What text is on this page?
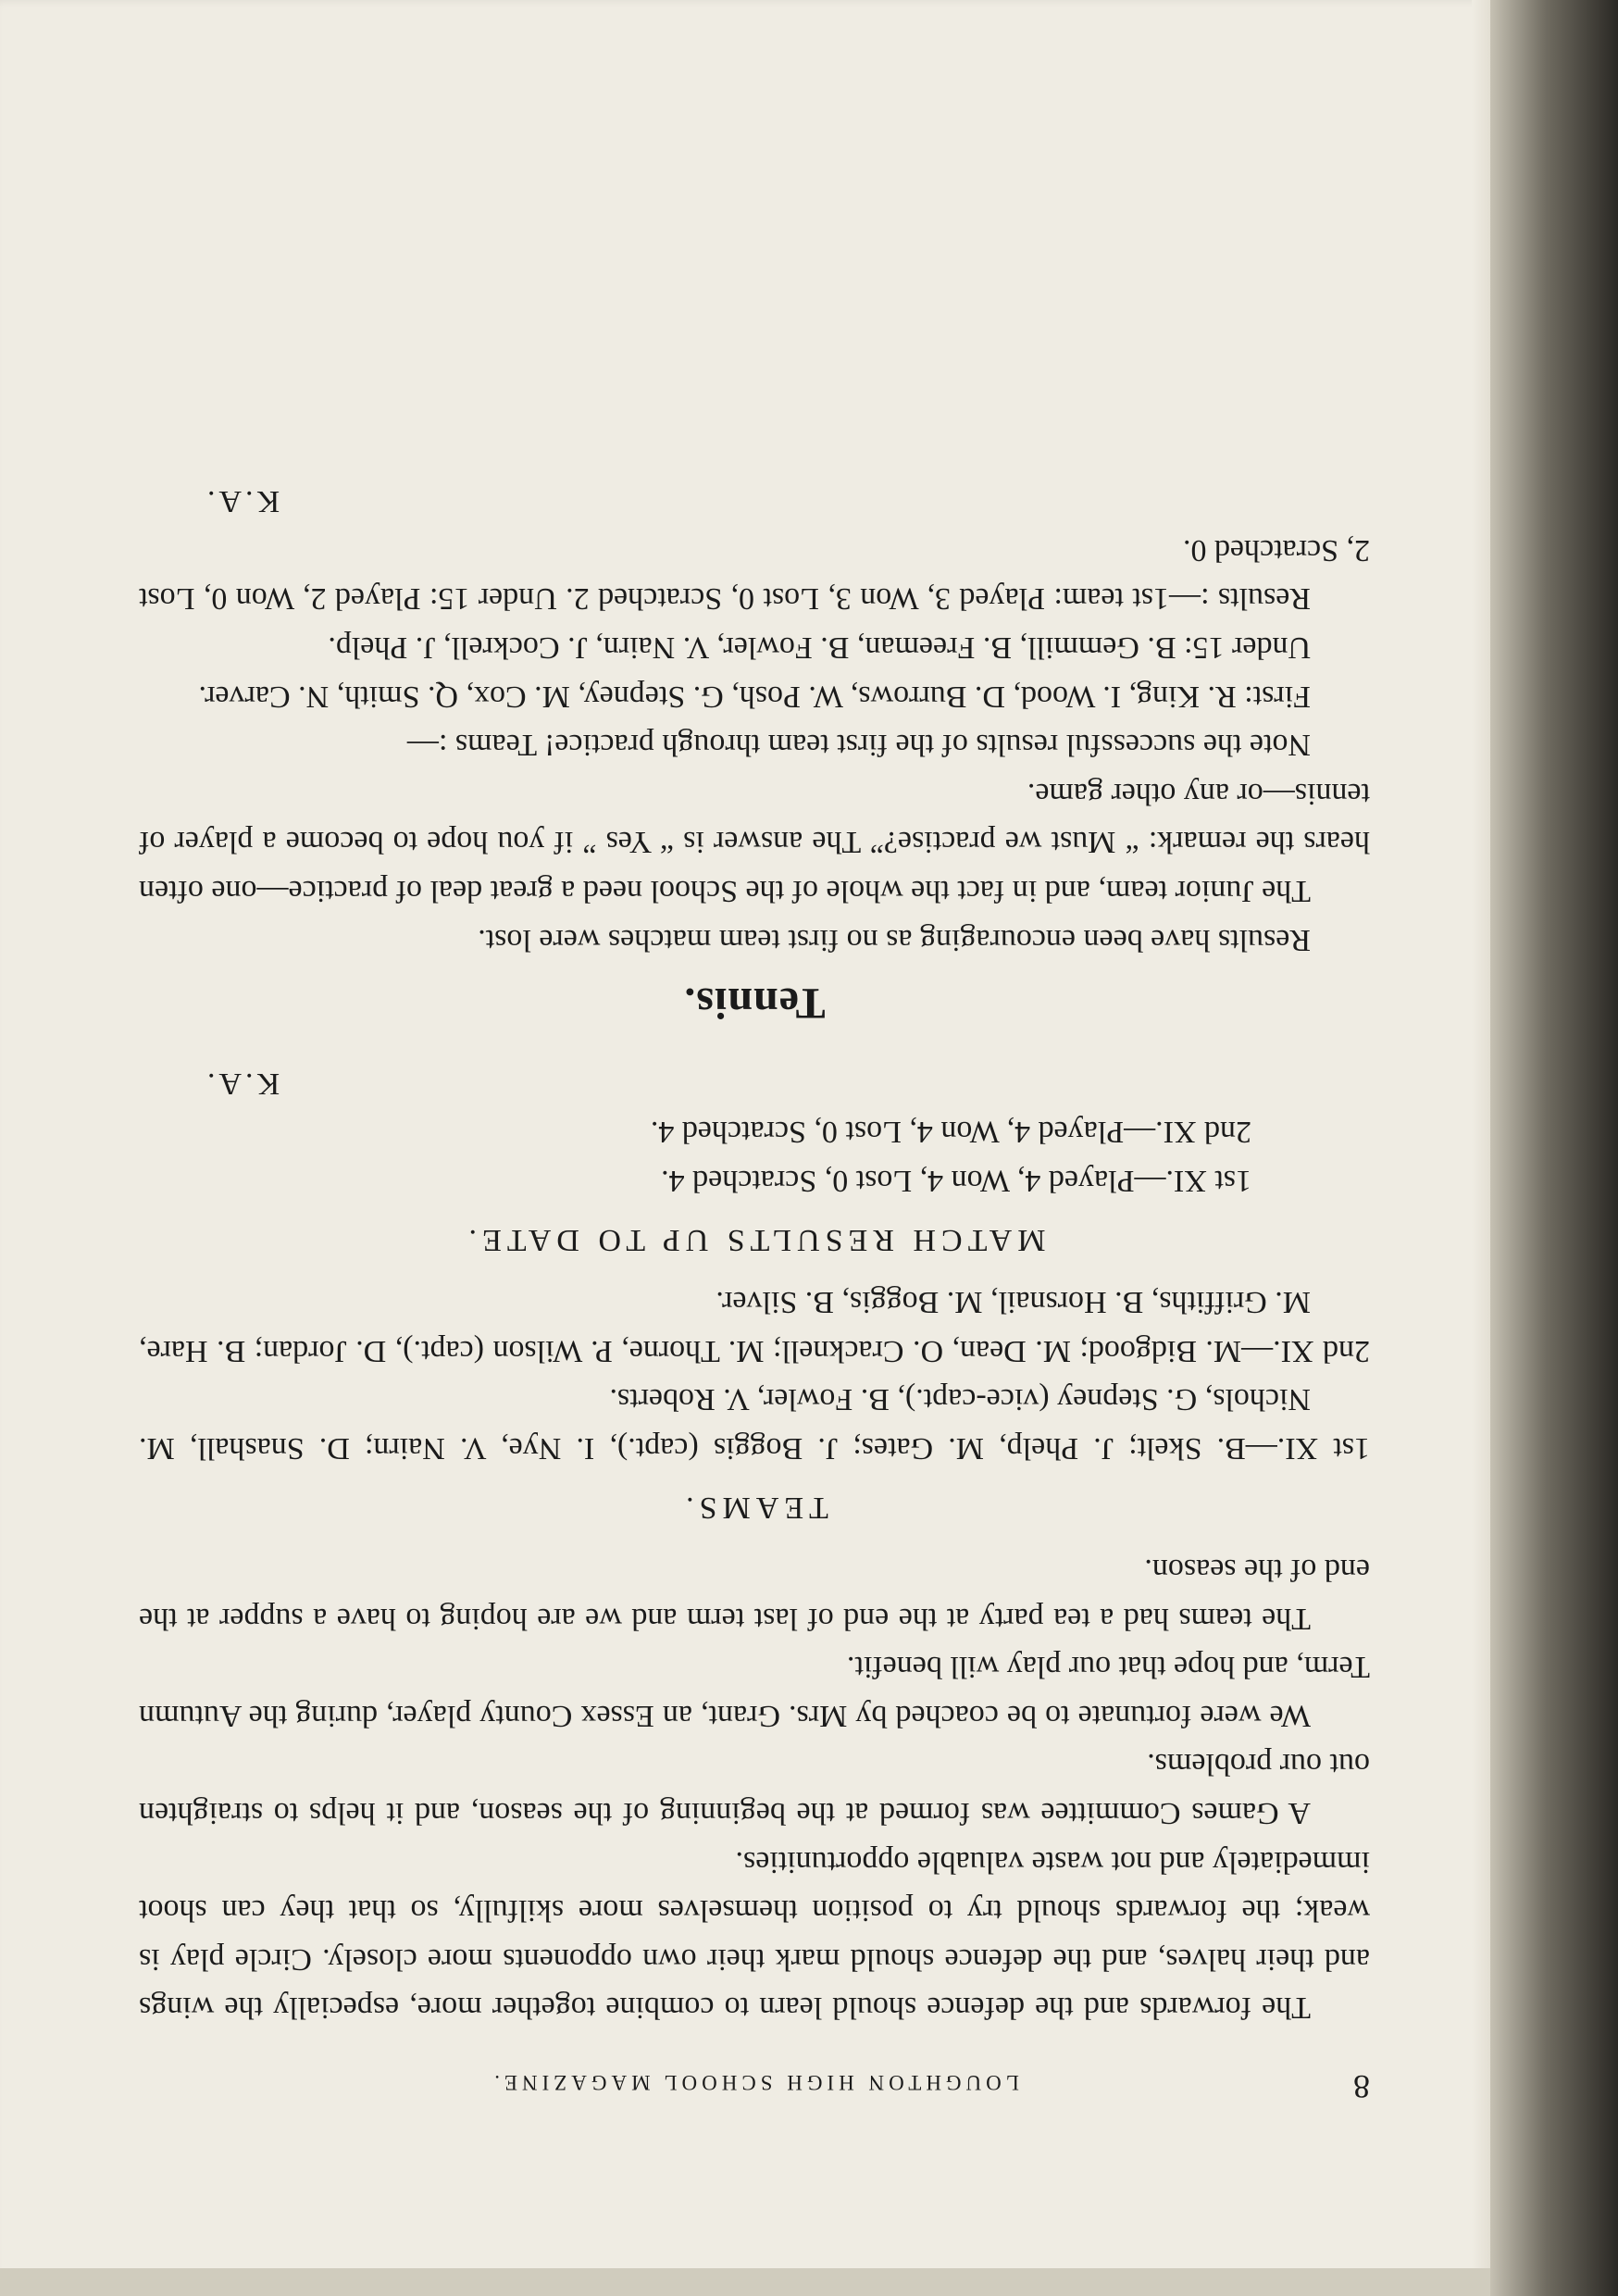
8
LOUGHTON HIGH SCHOOL MAGAZINE.

The forwards and the defence should learn to combine together more, especially the wings and their halves, and the defence should mark their own opponents more closely. Circle play is weak; the forwards should try to position themselves more skilfully, so that they can shoot immediately and not waste valuable opportunities.

A Games Committee was formed at the beginning of the season, and it helps to straighten out our problems.

We were fortunate to be coached by Mrs. Grant, an Essex County player, during the Autumn Term, and hope that our play will benefit.

The teams had a tea party at the end of last term and we are hoping to have a supper at the end of the season.

TEAMS.

1st XI.—B. Skelt; J. Phelp, M. Gates; J. Boggis (capt.), I. Nye, V. Nairn; D. Snashall, M. Nichols, G. Stepney (vice-capt.), B. Fowler, V. Roberts.

2nd XI.—M. Bidgood; M. Dean, O. Cracknell; M. Thorne, P. Wilson (capt.), D. Jordan; B. Hare, M. Griffiths, B. Horsnail, M. Boggis, B. Silver.

MATCH RESULTS UP TO DATE.

1st XI.—Played 4, Won 4, Lost 0, Scratched 4.

2nd XI.—Played 4, Won 4, Lost 0, Scratched 4.

K.A.

Tennis.

Results have been encouraging as no first team matches were lost.

The Junior team, and in fact the whole of the School need a great deal of practice—one often hears the remark: “ Must we practise?” The answer is “ Yes ” if you hope to become a player of tennis—or any other game.

Note the successful results of the first team through practice! Teams :—

First: R. King, I. Wood, D. Burrows, W. Posh, G. Stepney, M. Cox, Q. Smith, N. Carver.

Under 15: B. Gemmill, B. Freeman, B. Fowler, V. Nairn, J. Cockrell, J. Phelp.

Results :—1st team: Played 3, Won 3, Lost 0, Scratched 2. Under 15: Played 2, Won 0, Lost 2, Scratched 0.

K.A.
